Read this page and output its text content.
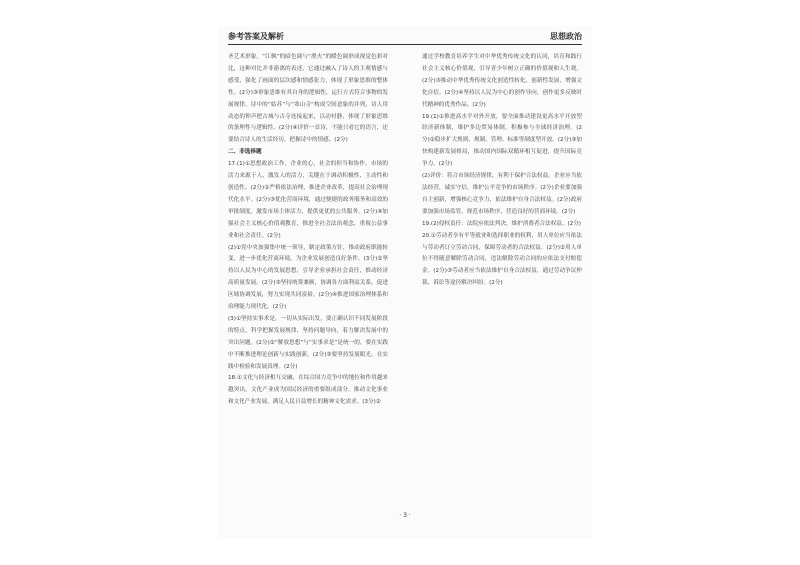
参考答案及解析	思想政治

圣艺术形象。“江枫”的暗色调与“渔火”的暖色调形成视觉色彩对比，这种对比并非游离的表述，它通过融入了诗人的主观情感与感受，强化了画面的层次感和情感张力，体现了形象思维的整体性。(2分)③形象思维有其自身的逻辑性，运行方式符合事物的发展规律，诗中的“姑苏”与“寒山寺”构成空间意象的并列，诗人用动态的钟声把古城与古寺连接起来，以动衬静，体现了形象思维的条理性与逻辑性。(2分)④评价一首诗，不能只看它的语言，还要结合诗人的生活经历，把握诗中的情感。(2分)

二、非选择题

17.(1)①思想政治工作，企业的心，社会的担当和协作。市场的活力来源于人，激发人的活力，关键在于调动积极性、主动性和创造性。(2分)②严格依法治理，推进企业改革，提高社会治理现代化水平。(2分)③优化营商环境，通过便捷的政务服务和高效的审批制度，激发市场主体活力，提供更优的公共服务。(2分)④加强社会主义核心价值观教育，推进全社会法治观念，重视公益事业和社会责任。(2分)

(2)①党中央加强集中统一领导，制定政策方针，推动政府职能转变，进一步优化营商环境，为企业发展创造良好条件。(3分)②坚持以人民为中心的发展思想，引导企业承担社会责任，推动经济高质量发展。(2分)③坚持统筹兼顾，协调各方面利益关系，促进区域协调发展，努力实现共同富裕。(2分)④推进国家治理体系和治理能力现代化。(2分)

(3)①坚持实事求是，一切从实际出发，要正确认识不同发展阶段的特点，科学把握发展规律，坚持问题导向，着力解决发展中的突出问题。(2分)②“解放思想”与“实事求是”是统一的，要在实践中不断推进理论创新与实践创新。(2分)③要坚持发展眼光，在实践中检验和发展真理。(2分)

18.①文化与经济相互交融，在综合国力竞争中的地位和作用越来越突出，文化产业成为国民经济的重要组成部分，推动文化事业和文化产业发展，满足人民日益增长的精神文化需求。(3分)②

通过学校教育培养学生对中华优秀传统文化的认同，培育和践行社会主义核心价值观，引导青少年树立正确的价值观和人生观。(2分)③推动中华优秀传统文化创造性转化、创新性发展，增强文化自信。(2分)④坚持以人民为中心的创作导向，创作更多反映时代精神的优秀作品。(2分)

19.(1)①推进高水平对外开放，要全面推动建设更高水平开放型经济新体制，维护多边贸易体制，积极参与全球经济治理。(2分)②稳步扩大规则、规制、管理、标准等制度型开放。(2分)③加快构建新发展格局，推动国内国际双循环相互促进，提升国际竞争力。(2分)

(2)评价：符合市场经济规律，有利于保护合法权益。企业应当依法经营，诚实守信，维护公平竞争的市场秩序。(2分)企业要加强自主创新，增强核心竞争力，依法维护自身合法权益。(2分)政府要加强市场监管，规范市场秩序，营造良好的营商环境。(2分)

19.(2)侵权责任：法院应依法判决，维护消费者合法权益。(2分)

20.①劳动者享有平等就业和选择职业的权利，用人单位应当依法与劳动者订立劳动合同，保障劳动者的合法权益。(2分)②用人单位不得随意解除劳动合同，违法解除劳动合同的应依法支付赔偿金。(2分)③劳动者应当依法维护自身合法权益，通过劳动争议仲裁、诉讼等途径解决纠纷。(2分)

· 3 ·
